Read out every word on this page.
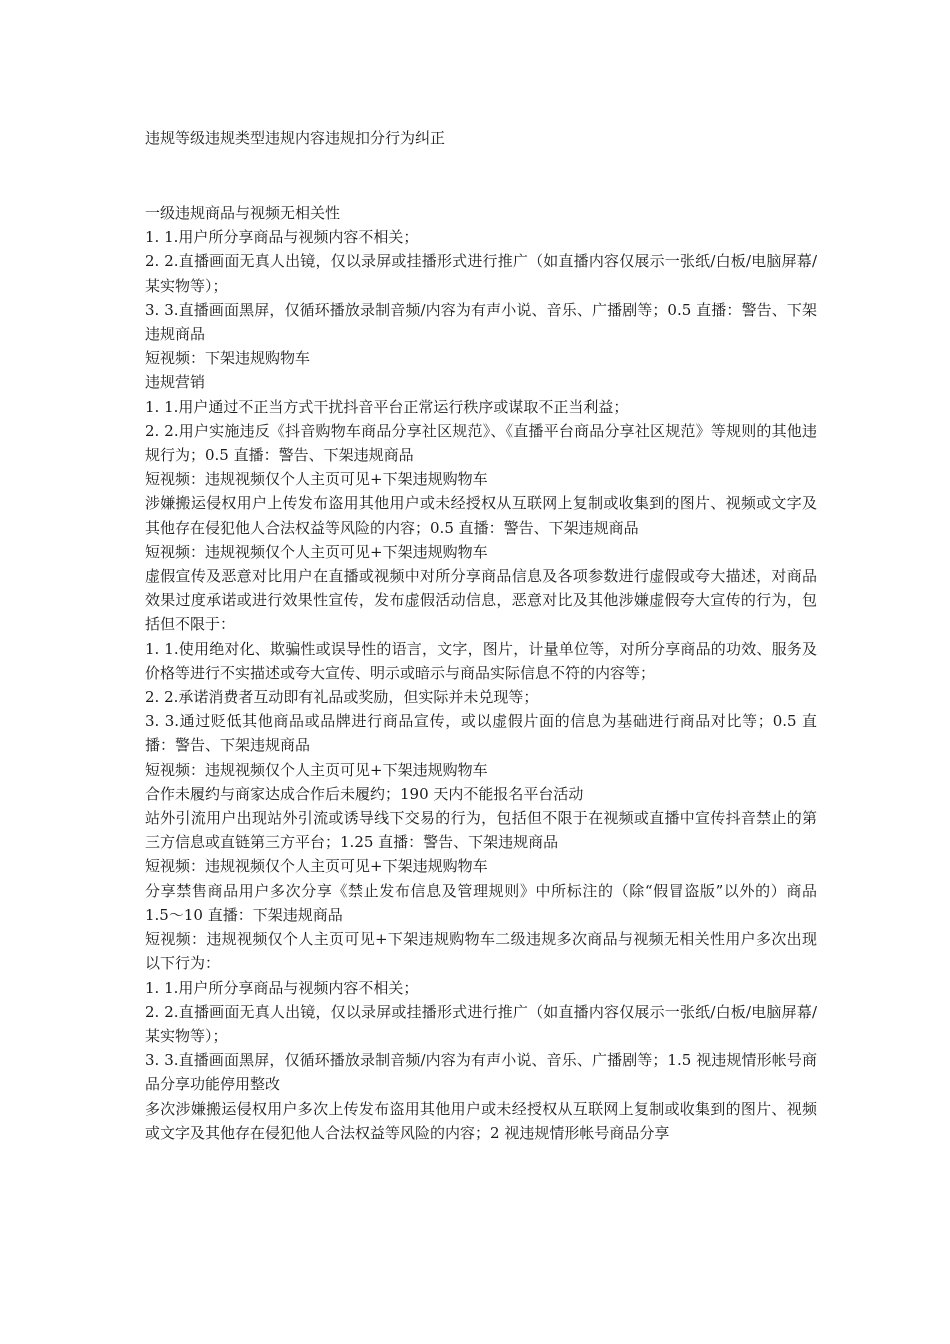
违规等级违规类型违规内容违规扣分行为纠正

一级违规商品与视频无相关性

1. 1.用户所分享商品与视频内容不相关；

2. 2.直播画面无真人出镜，仅以录屏或挂播形式进行推广（如直播内容仅展示一张纸/白板/电脑屏幕/某实物等）；

3. 3.直播画面黑屏，仅循环播放录制音频/内容为有声小说、音乐、广播剧等；0.5 直播：警告、下架违规商品

短视频：下架违规购物车

违规营销

1. 1.用户通过不正当方式干扰抖音平台正常运行秩序或谋取不正当利益；

2. 2.用户实施违反《抖音购物车商品分享社区规范》、《直播平台商品分享社区规范》等规则的其他违规行为；0.5 直播：警告、下架违规商品

短视频：违规视频仅个人主页可见+下架违规购物车

涉嫌搬运侵权用户上传发布盗用其他用户或未经授权从互联网上复制或收集到的图片、视频或文字及其他存在侵犯他人合法权益等风险的内容；0.5 直播：警告、下架违规商品

短视频：违规视频仅个人主页可见+下架违规购物车

虚假宣传及恶意对比用户在直播或视频中对所分享商品信息及各项参数进行虚假或夸大描述，对商品效果过度承诺或进行效果性宣传，发布虚假活动信息，恶意对比及其他涉嫌虚假夸大宣传的行为，包括但不限于：

1. 1.使用绝对化、欺骗性或误导性的语言，文字，图片，计量单位等，对所分享商品的功效、服务及价格等进行不实描述或夸大宣传、明示或暗示与商品实际信息不符的内容等；

2. 2.承诺消费者互动即有礼品或奖励，但实际并未兑现等；

3. 3.通过贬低其他商品或品牌进行商品宣传，或以虚假片面的信息为基础进行商品对比等；0.5 直播：警告、下架违规商品

短视频：违规视频仅个人主页可见+下架违规购物车

合作未履约与商家达成合作后未履约；190 天内不能报名平台活动

站外引流用户出现站外引流或诱导线下交易的行为，包括但不限于在视频或直播中宣传抖音禁止的第三方信息或直链第三方平台；1.25 直播：警告、下架违规商品

短视频：违规视频仅个人主页可见+下架违规购物车

分享禁售商品用户多次分享《禁止发布信息及管理规则》中所标注的（除“假冒盗版”以外的）商品 1.5～10 直播：下架违规商品

短视频：违规视频仅个人主页可见+下架违规购物车二级违规多次商品与视频无相关性用户多次出现以下行为：

1. 1.用户所分享商品与视频内容不相关；

2. 2.直播画面无真人出镜，仅以录屏或挂播形式进行推广（如直播内容仅展示一张纸/白板/电脑屏幕/某实物等）；

3. 3.直播画面黑屏，仅循环播放录制音频/内容为有声小说、音乐、广播剧等；1.5 视违规情形帐号商品分享功能停用整改

多次涉嫌搬运侵权用户多次上传发布盗用其他用户或未经授权从互联网上复制或收集到的图片、视频或文字及其他存在侵犯他人合法权益等风险的内容；2 视违规情形帐号商品分享
